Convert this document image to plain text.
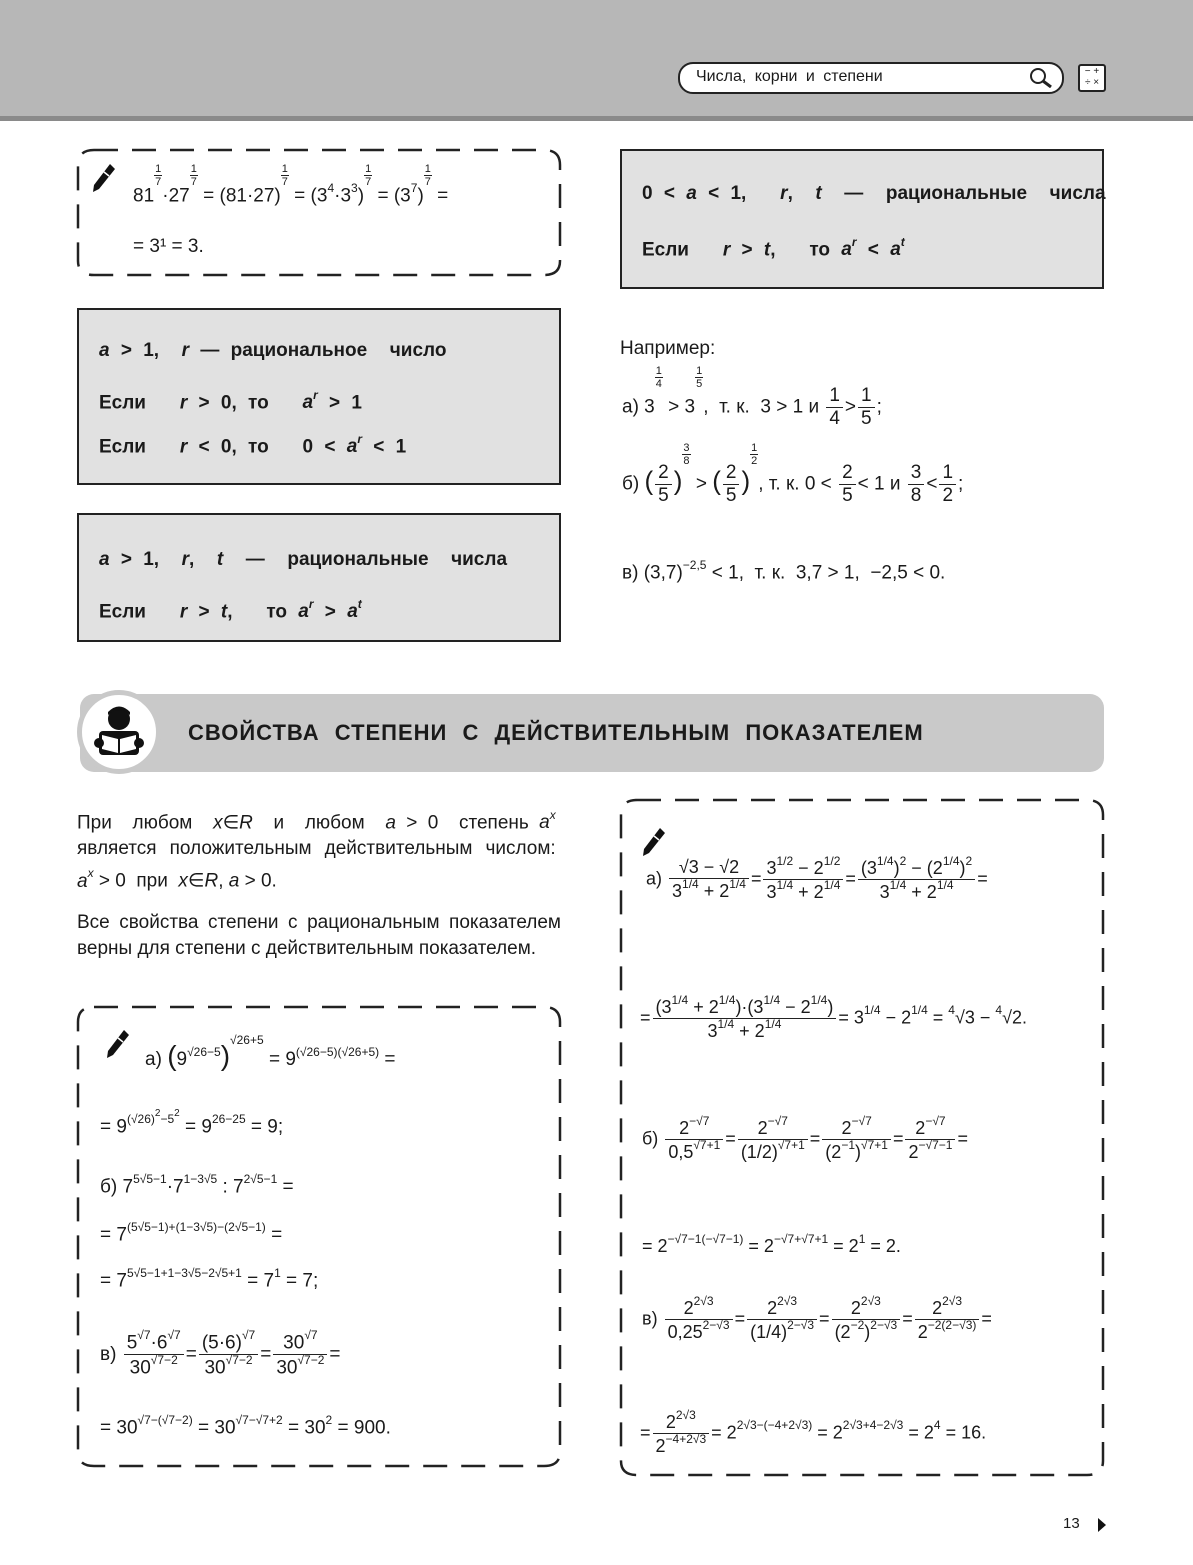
Числа, корни и степени	− +
÷ ×
81
$\frac{1}{7}$
·27
$\frac{1}{7}$
= (81·27)
$\frac{1}{7}$
= $(3^4\cdot 3^3)$
$\frac{1}{7}$
= $(3^7)$
$\frac{1}{7}$
=
= 3¹ = 3.
a > 1,  r — рациональное  число
Если   r > 0, то   $a^r > 1$
Если   r < 0, то   $0 < a^r < 1$
a > 1,  r,  t  —  рациональные  числа
Если   r > t,   то $a^r > a^t$
0 < a < 1,   r,  t  —  рациональные  числа
Если   r > t,   то $a^r < a^t$
Например:
а) 3
$\frac{1}{4}$
> 3
$\frac{1}{5}$
,  т. к.  3 > 1 и $\frac{1}{4} > \frac{1}{5}$ ;
б) ( $\frac{2}{5}$ )
$\frac{3}{8}$
> ( $\frac{2}{5}$ )
$\frac{1}{2}$
, т. к. $0 < \frac{2}{5} < 1$ и $\frac{3}{8} < \frac{1}{2}$ ;
в) $(3,7)^{-2,5} < 1$,  т. к.  3,7 > 1,  −2,5 < 0.
СВОЙСТВА СТЕПЕНИ С ДЕЙСТВИТЕЛЬНЫМ ПОКАЗАТЕЛЕМ
При  любом  x∈R  и  любом  a > 0  степень $a^x$  является  положительным  действительным  числом:  $a^x > 0$  при  x∈R, a > 0.
Все свойства степени с рациональным показателем верны для степени с действительным показателем.
а) $(9^{√26-5})^{√26+5} = 9^{(√26-5)(√26+5)}$ =
= $9^{(√26)^2-5^2} = 9^{26-25} = 9$;
б) $7^{5√5-1}\cdot 7^{1-3√5}$ : $7^{2√5-1}$ =
= $7^{(5√5-1)+(1-3√5)-(2√5-1)}$ =
= $7^{5√5-1+1-3√5-2√5+1} = 7^1 = 7$;
$в) \frac{5^{√7}\cdot 6^{√7}}{30^{√7-2}} = \frac{(5\cdot 6)^{√7}}{30^{√7-2}} = \frac{30^{√7}}{30^{√7-2}}$ =
= $30^{√7-(√7-2)} = 30^{√7-√7+2} = 30^2 = 900$.
$а) \frac{√3 - √2}{3^{1/4} + 2^{1/4}} = \frac{3^{1/2} - 2^{1/2}}{3^{1/4} + 2^{1/4}} = \frac{(3^{1/4})^2 - (2^{1/4})^2}{3^{1/4} + 2^{1/4}}$ =
= $\frac{(3^{1/4} + 2^{1/4})\cdot(3^{1/4} - 2^{1/4})}{3^{1/4} + 2^{1/4}} = 3^{1/4} - 2^{1/4} = ^4√3 - ^4√2$.
$б) \frac{2^{-√7}}{0,5^{√7+1}} = \frac{2^{-√7}}{(1/2)^{√7+1}} = \frac{2^{-√7}}{(2^{-1})^{√7+1}} = \frac{2^{-√7}}{2^{-√7-1}}$ =
= $2^{-√7-1(-√7-1)} = 2^{-√7+√7+1} = 2^1 = 2$.
$в) \frac{2^{2√3}}{0,25^{2-√3}} = \frac{2^{2√3}}{(1/4)^{2-√3}} = \frac{2^{2√3}}{(2^{-2})^{2-√3}} = \frac{2^{2√3}}{2^{-2(2-√3)}}$ =
= $\frac{2^{2√3}}{2^{-4+2√3}} = 2^{2√3-(-4+2√3)} = 2^{2√3+4-2√3} = 2^4 = 16$.
13
